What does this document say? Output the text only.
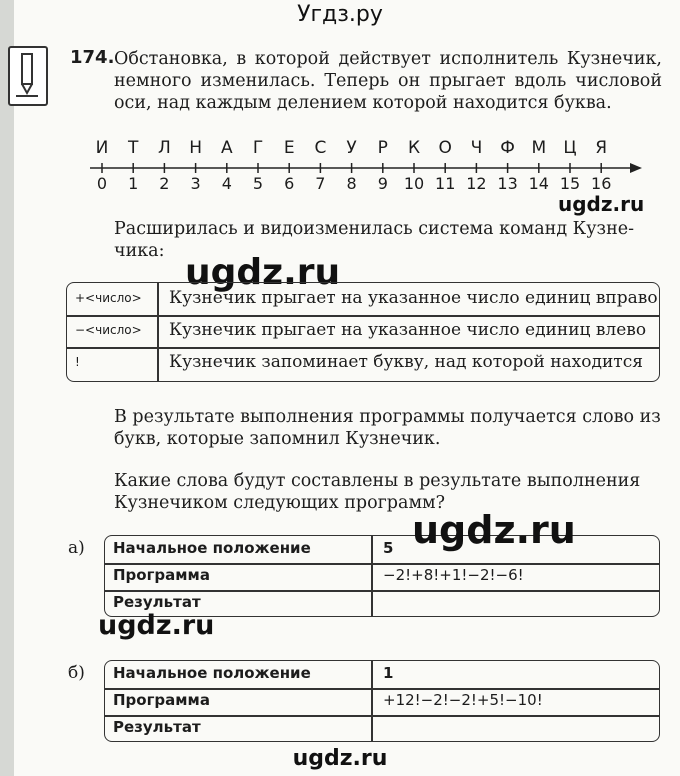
Угдз.ру
174. Обстановка, в которой действует исполнитель Кузнечик, немного изменилась. Теперь он прыгает вдоль числовой оси, над каждым делением которой находится буква.
И Т Л Н А Г Е С У Р К О Ч Ф М Ц Я
0 1 2 3 4 5 6 7 8 9 10 11 12 13 14 15 16
ugdz.ru
Расширилась и видоизменилась система команд Кузне-чика:
ugdz.ru
+<число> Кузнечик прыгает на указанное число единиц вправо
−<число> Кузнечик прыгает на указанное число единиц влево
!	Кузнечик запоминает букву, над которой находится
В результате выполнения программы получается слово из букв, которые запомнил Кузнечик.
Какие слова будут составлены в результате выполнения Кузнечиком следующих программ?
а) Начальное положение	5
Программа	−2!+8!+1!−2!−6!
Результат
ugdz.ru
ugdz.ru
б) Начальное положение	1
Программа	+12!−2!−2!+5!−10!
Результат
ugdz.ru
